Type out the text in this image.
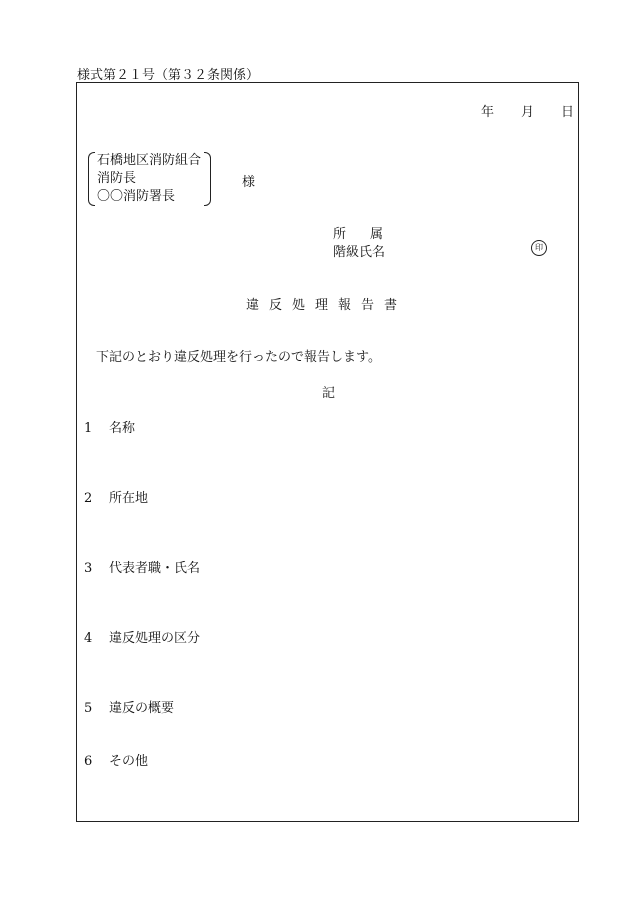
様式第２１号（第３２条関係）
年 月 日
石橋地区消防組合
消防長
〇〇消防署長
様
所 属
階級氏名	印
違反処理報告書
下記のとおり違反処理を行ったので報告します。
記
1 名称
2 所在地
3 代表者職・氏名
4 違反処理の区分
5 違反の概要
6 その他
